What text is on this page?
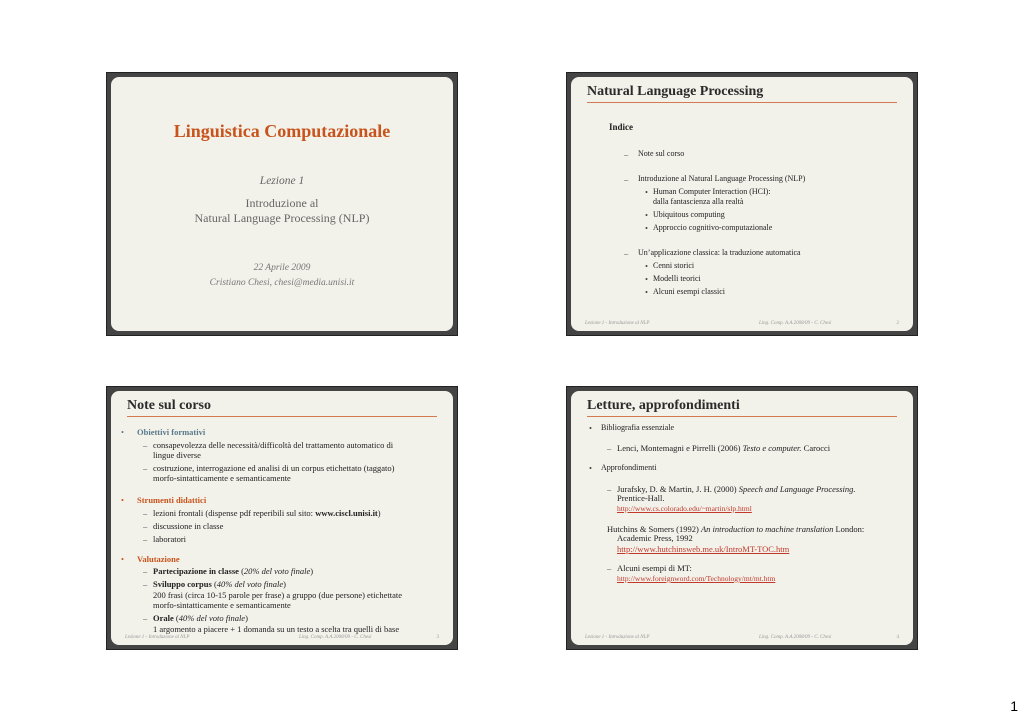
Linguistica Computazionale
Lezione 1
Introduzione al
Natural Language Processing (NLP)
22 Aprile 2009
Cristiano Chesi, chesi@media.unisi.it
Natural Language Processing
Indice
– Note sul corso
– Introduzione al Natural Language Processing (NLP)
• Human Computer Interaction (HCI):
dalla fantascienza alla realtà
• Ubiquitous computing
• Approccio cognitivo-computazionale
– Un’applicazione classica: la traduzione automatica
• Cenni storici
• Modelli teorici
• Alcuni esempi classici
Lezione 1 - Introduzione al NLP	Ling. Comp. A.A.2008/09 - C. Chesi	2
Note sul corso
• Obiettivi formativi
– consapevolezza delle necessità/difficoltà del trattamento automatico di
lingue diverse
– costruzione, interrogazione ed analisi di un corpus etichettato (taggato)
morfo-sintatticamente e semanticamente
• Strumenti didattici
– lezioni frontali (dispense pdf reperibili sul sito: www.ciscl.unisi.it)
– discussione in classe
– laboratori
• Valutazione
– Partecipazione in classe (20% del voto finale)
– Sviluppo corpus (40% del voto finale)
200 frasi (circa 10-15 parole per frase) a gruppo (due persone) etichettate
morfo-sintatticamente e semanticamente
– Orale (40% del voto finale)
1 argomento a piacere + 1 domanda su un testo a scelta tra quelli di base
Lezione 1 - Introduzione al NLP	Ling. Comp. A.A.2008/09 - C. Chesi	3
Letture, approfondimenti
• Bibliografia essenziale
– Lenci, Montemagni e Pirrelli (2006) Testo e computer. Carocci
• Approfondimenti
– Jurafsky, D. & Martin, J. H. (2000) Speech and Language Processing.
Prentice-Hall.
http://www.cs.colorado.edu/~martin/slp.html
Hutchins & Somers (1992) An introduction to machine translation London:
Academic Press, 1992
http://www.hutchinsweb.me.uk/IntroMT-TOC.htm
– Alcuni esempi di MT:
http://www.foreignword.com/Technology/mt/mt.htm
Lezione 1 - Introduzione al NLP	Ling. Comp. A.A.2008/09 - C. Chesi	4
1
